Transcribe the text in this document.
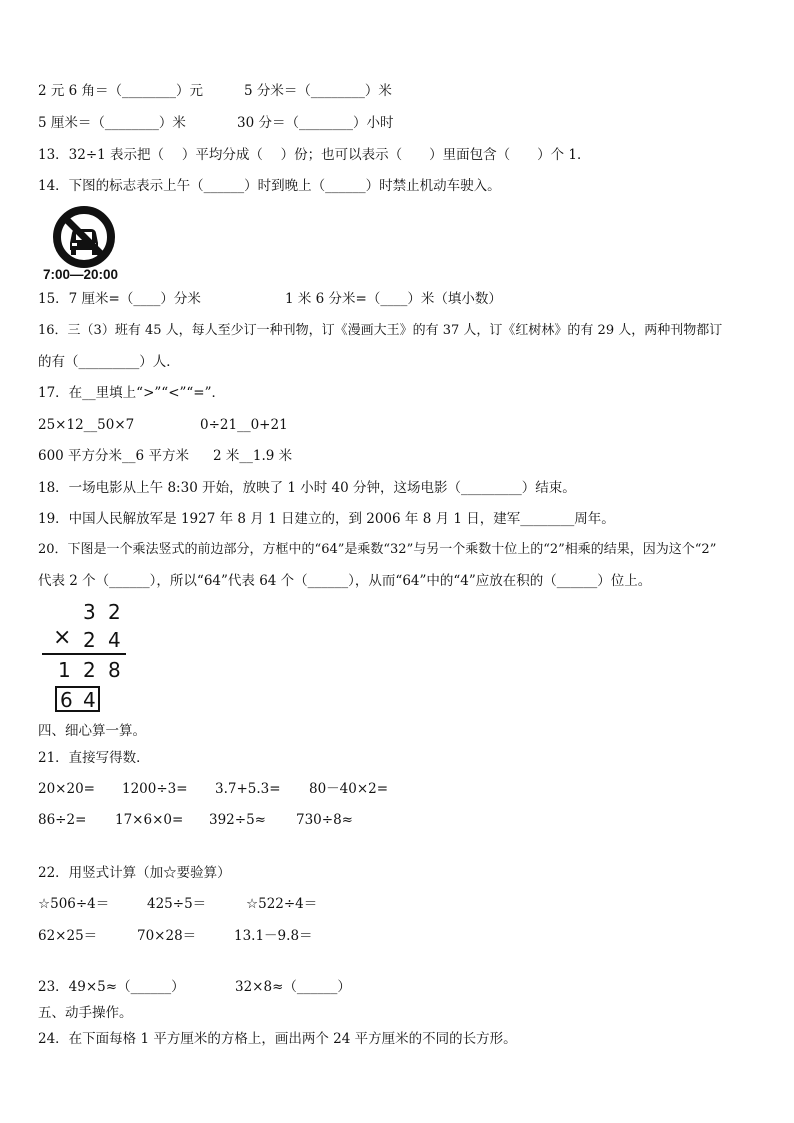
2 元 6 角＝（________）元	5 分米＝（________）米
5 厘米＝（________）米	30 分＝（________）小时
13．32÷1 表示把（　 ）平均分成（　 ）份；也可以表示（　　）里面包含（　　）个 1．
14．下图的标志表示上午（______）时到晚上（______）时禁止机动车驶入。
7:00—20:00
15．7 厘米=（____）分米	1 米 6 分米=（____）米（填小数）
16．三（3）班有 45 人，每人至少订一种刊物，订《漫画大王》的有 37 人，订《红树林》的有 29 人，两种刊物都订
的有（_________）人．
17．在__里填上“>”“<”“=”．
25×12__50×7	0÷21__0+21
600 平方分米__6 平方米 2 米__1.9 米
18．一场电影从上午 8:30 开始，放映了 1 小时 40 分钟，这场电影（_________）结束。
19．中国人民解放军是 1927 年 8 月 1 日建立的，到 2006 年 8 月 1 日，建军________周年。
20．下图是一个乘法竖式的前边部分，方框中的“64”是乘数“32”与另一个乘数十位上的“2”相乘的结果，因为这个“2”
代表 2 个（______），所以“64”代表 64 个（______），从而“64”中的“4”应放在积的（______）位上。
3 2
× 2 4
1 2 8
6 4
四、细心算一算。
21．直接写得数．
20×20= 1200÷3= 3.7+5.3= 80－40×2=
86÷2= 17×6×0= 392÷5≈ 730÷8≈
22．用竖式计算（加☆要验算）
☆506÷4＝	425÷5＝	☆522÷4＝
62×25＝	70×28＝	13.1－9.8＝
23．49×5≈（______）	32×8≈（______）
五、动手操作。
24．在下面每格 1 平方厘米的方格上，画出两个 24 平方厘米的不同的长方形。
